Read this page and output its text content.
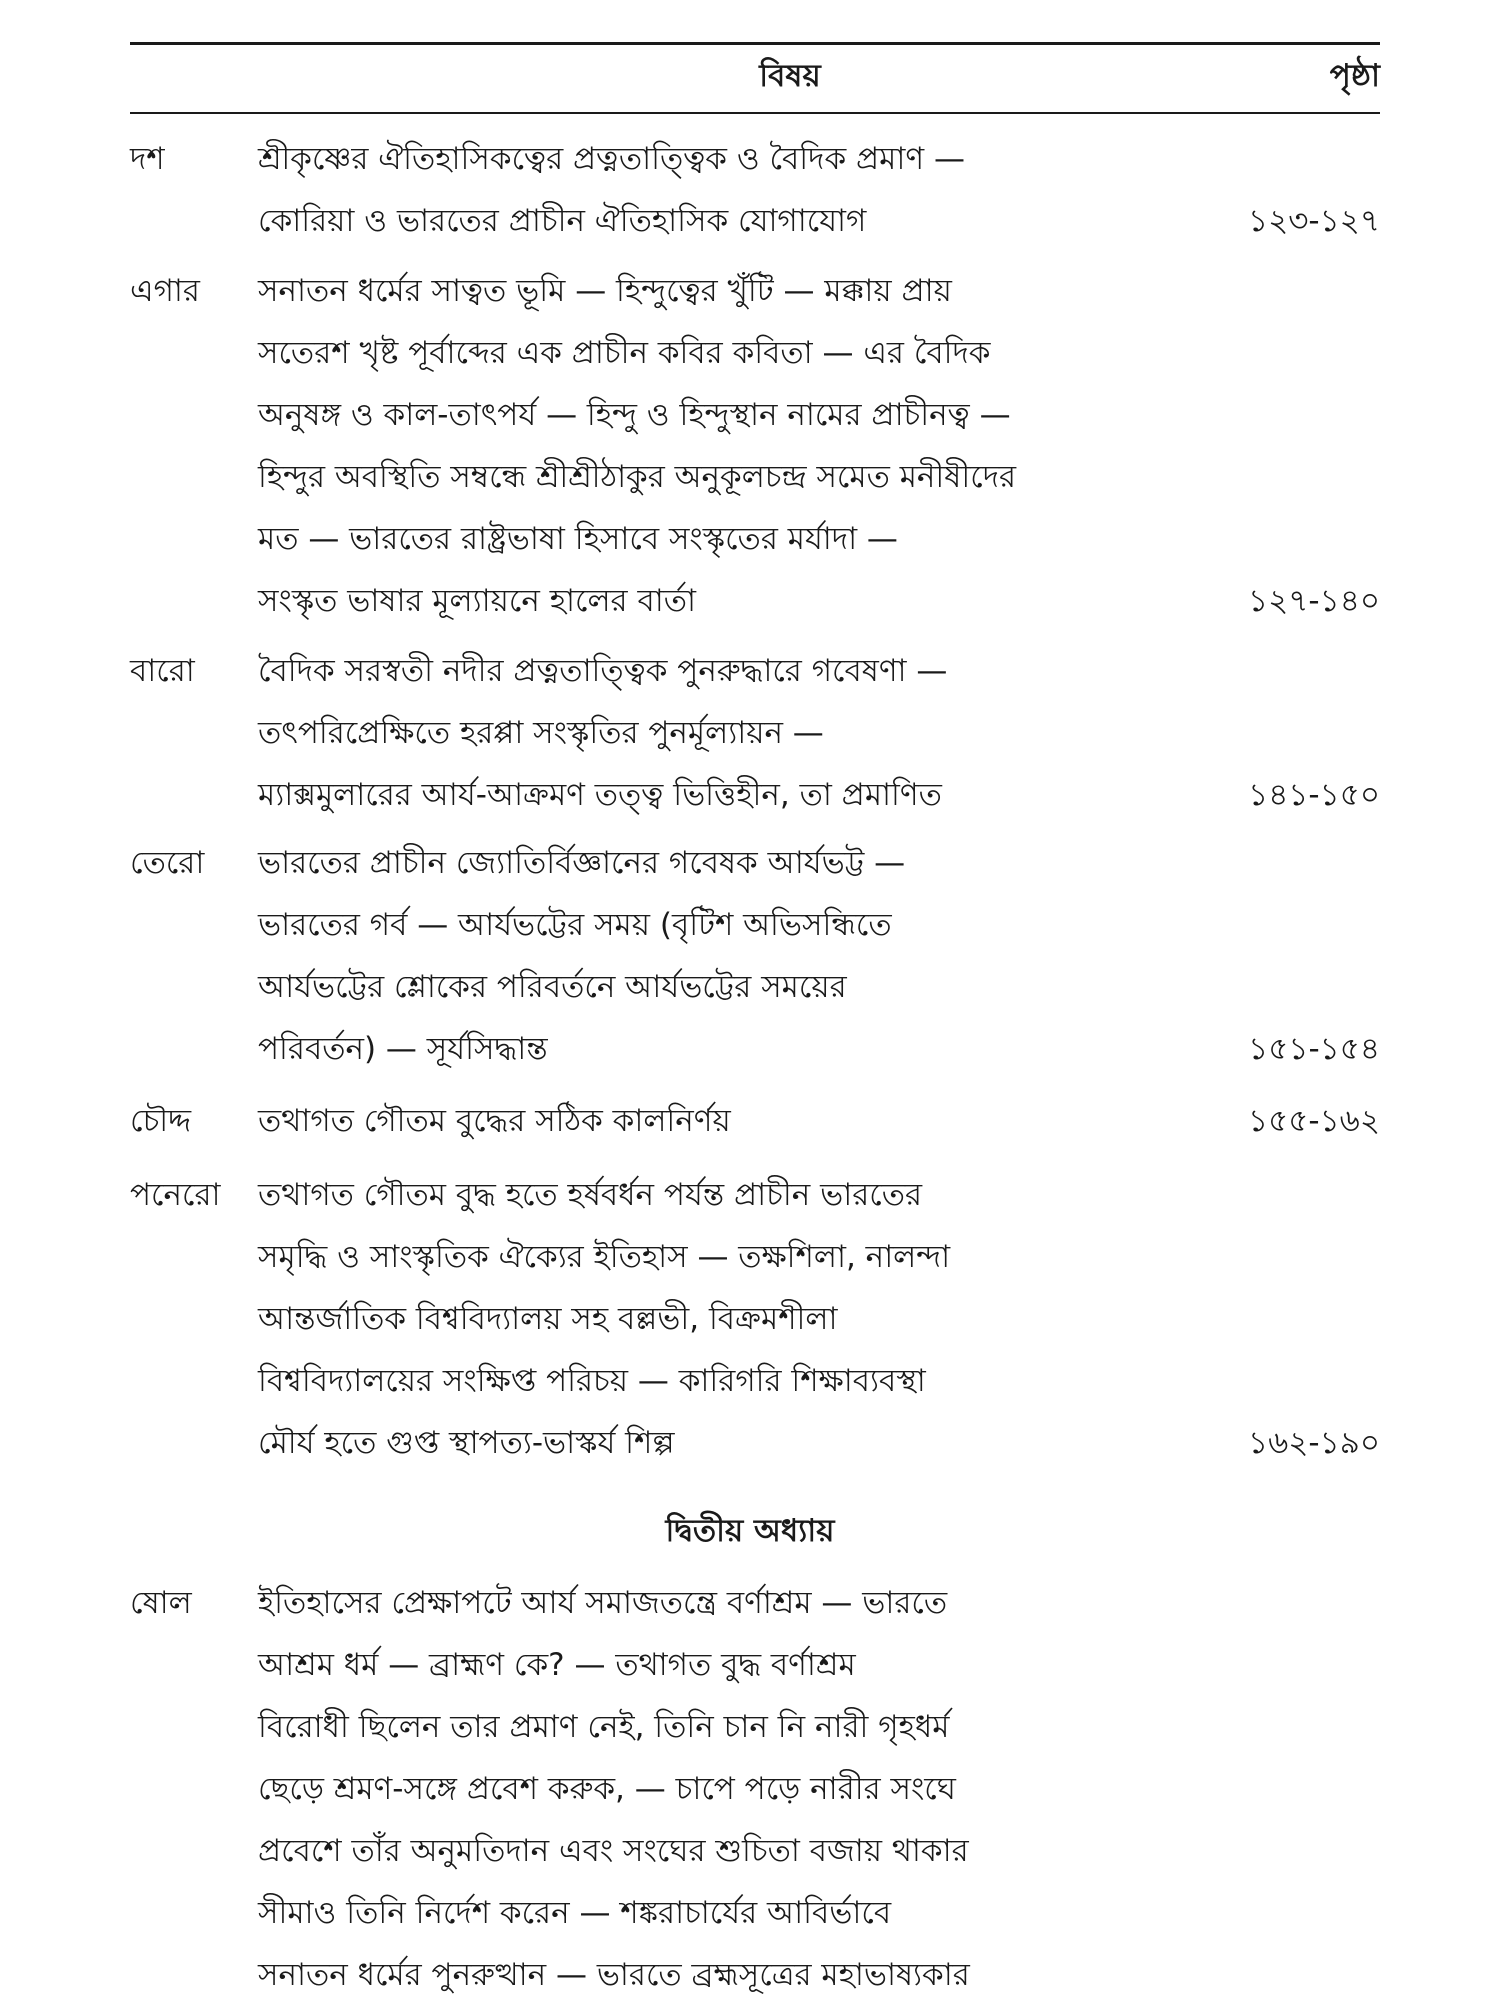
বিষয়	পৃষ্ঠা
দশ	শ্রীকৃষ্ণের ঐতিহাসিকত্বের প্রত্নতাত্ত্বিক ও বৈদিক প্রমাণ —
কোরিয়া ও ভারতের প্রাচীন ঐতিহাসিক যোগাযোগ	১২৩-১২৭
এগার সনাতন ধর্মের সাত্বত ভূমি — হিন্দুত্বের খুঁটি — মক্কায় প্রায়
সতেরশ খৃষ্ট পূর্বাব্দের এক প্রাচীন কবির কবিতা — এর বৈদিক
অনুষঙ্গ ও কাল-তাৎপর্য — হিন্দু ও হিন্দুস্থান নামের প্রাচীনত্ব —
হিন্দুর অবস্থিতি সম্বন্ধে শ্রীশ্রীঠাকুর অনুকূলচন্দ্র সমেত মনীষীদের
মত — ভারতের রাষ্ট্রভাষা হিসাবে সংস্কৃতের মর্যাদা —
সংস্কৃত ভাষার মূল্যায়নে হালের বার্তা	১২৭-১৪০
বারো বৈদিক সরস্বতী নদীর প্রত্নতাত্ত্বিক পুনরুদ্ধারে গবেষণা —
তৎপরিপ্রেক্ষিতে হরপ্পা সংস্কৃতির পুনর্মূল্যায়ন —
ম্যাক্সমুলারের আর্য-আক্রমণ তত্ত্ব ভিত্তিহীন, তা প্রমাণিত	১৪১-১৫০
তেরো ভারতের প্রাচীন জ্যোতির্বিজ্ঞানের গবেষক আর্যভট্ট —
ভারতের গর্ব — আর্যভট্টের সময় (বৃটিশ অভিসন্ধিতে
আর্যভট্টের শ্লোকের পরিবর্তনে আর্যভট্টের সময়ের
পরিবর্তন) — সূর্যসিদ্ধান্ত	১৫১-১৫৪
চৌদ্দ তথাগত গৌতম বুদ্ধের সঠিক কালনির্ণয়	১৫৫-১৬২
পনেরো তথাগত গৌতম বুদ্ধ হতে হর্ষবর্ধন পর্যন্ত প্রাচীন ভারতের
সমৃদ্ধি ও সাংস্কৃতিক ঐক্যের ইতিহাস — তক্ষশিলা, নালন্দা
আন্তর্জাতিক বিশ্ববিদ্যালয় সহ বল্লভী, বিক্রমশীলা
বিশ্ববিদ্যালয়ের সংক্ষিপ্ত পরিচয় — কারিগরি শিক্ষাব্যবস্থা
মৌর্য হতে গুপ্ত স্থাপত্য-ভাস্কর্য শিল্প	১৬২-১৯০
দ্বিতীয় অধ্যায়
ষোল ইতিহাসের প্রেক্ষাপটে আর্য সমাজতন্ত্রে বর্ণাশ্রম — ভারতে
আশ্রম ধর্ম — ব্রাহ্মণ কে? — তথাগত বুদ্ধ বর্ণাশ্রম
বিরোধী ছিলেন তার প্রমাণ নেই, তিনি চান নি নারী গৃহধর্ম
ছেড়ে শ্রমণ-সঙ্গে প্রবেশ করুক, — চাপে পড়ে নারীর সংঘে
প্রবেশে তাঁর অনুমতিদান এবং সংঘের শুচিতা বজায় থাকার
সীমাও তিনি নির্দেশ করেন — শঙ্করাচার্যের আবির্ভাবে
সনাতন ধর্মের পুনরুত্থান — ভারতে ব্রহ্মসূত্রের মহাভাষ্যকার
